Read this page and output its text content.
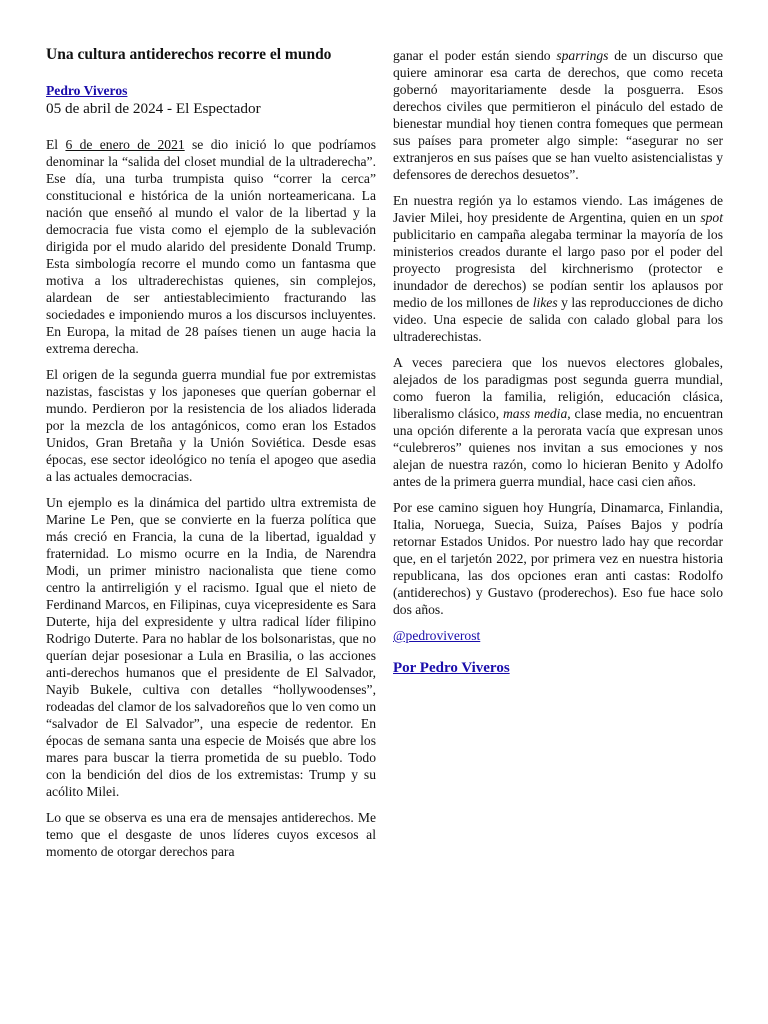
Una cultura antiderechos recorre el mundo
Pedro Viveros
05 de abril de 2024 - El Espectador

El 6 de enero de 2021 se dio inició lo que podríamos denominar la “salida del closet mundial de la ultraderecha”. Ese día, una turba trumpista quiso “correr la cerca” constitucional e histórica de la unión norteamericana. La nación que enseñó al mundo el valor de la libertad y la democracia fue vista como el ejemplo de la sublevación dirigida por el mudo alarido del presidente Donald Trump. Esta simbología recorre el mundo como un fantasma que motiva a los ultraderechistas quienes, sin complejos, alardean de ser antiestablecimiento fracturando las sociedades e imponiendo muros a los discursos incluyentes. En Europa, la mitad de 28 países tienen un auge hacia la extrema derecha.

El origen de la segunda guerra mundial fue por extremistas nazistas, fascistas y los japoneses que querían gobernar el mundo. Perdieron por la resistencia de los aliados liderada por la mezcla de los antagónicos, como eran los Estados Unidos, Gran Bretaña y la Unión Soviética. Desde esas épocas, ese sector ideológico no tenía el apogeo que asedia a las actuales democracias.

Un ejemplo es la dinámica del partido ultra extremista de Marine Le Pen, que se convierte en la fuerza política que más creció en Francia, la cuna de la libertad, igualdad y fraternidad. Lo mismo ocurre en la India, de Narendra Modi, un primer ministro nacionalista que tiene como centro la antirreligión y el racismo. Igual que el nieto de Ferdinand Marcos, en Filipinas, cuya vicepresidente es Sara Duterte, hija del expresidente y ultra radical líder filipino Rodrigo Duterte. Para no hablar de los bolsonaristas, que no querían dejar posesionar a Lula en Brasilia, o las acciones anti-derechos humanos que el presidente de El Salvador, Nayib Bukele, cultiva con detalles “hollywoodenses”, rodeadas del clamor de los salvadoreños que lo ven como un “salvador de El Salvador”, una especie de redentor. En épocas de semana santa una especie de Moisés que abre los mares para buscar la tierra prometida de su pueblo. Todo con la bendición del dios de los extremistas: Trump y su acólito Milei.

Lo que se observa es una era de mensajes antiderechos. Me temo que el desgaste de unos líderes cuyos excesos al momento de otorgar derechos para

ganar el poder están siendo sparrings de un discurso que quiere aminorar esa carta de derechos, que como receta gobernó mayoritariamente desde la posguerra. Esos derechos civiles que permitieron el pináculo del estado de bienestar mundial hoy tienen contra fomeques que permean sus países para prometer algo simple: “asegurar no ser extranjeros en sus países que se han vuelto asistencialistas y defensores de derechos desuetos”.

En nuestra región ya lo estamos viendo. Las imágenes de Javier Milei, hoy presidente de Argentina, quien en un spot publicitario en campaña alegaba terminar la mayoría de los ministerios creados durante el largo paso por el poder del proyecto progresista del kirchnerismo (protector e inundador de derechos) se podían sentir los aplausos por medio de los millones de likes y las reproducciones de dicho video. Una especie de salida con calado global para los ultraderechistas.

A veces pareciera que los nuevos electores globales, alejados de los paradigmas post segunda guerra mundial, como fueron la familia, religión, educación clásica, liberalismo clásico, mass media, clase media, no encuentran una opción diferente a la perorata vacía que expresan unos “culebreros” quienes nos invitan a sus emociones y nos alejan de nuestra razón, como lo hicieran Benito y Adolfo antes de la primera guerra mundial, hace casi cien años.

Por ese camino siguen hoy Hungría, Dinamarca, Finlandia, Italia, Noruega, Suecia, Suiza, Países Bajos y podría retornar Estados Unidos. Por nuestro lado hay que recordar que, en el tarjetón 2022, por primera vez en nuestra historia republicana, las dos opciones eran anti castas: Rodolfo (antiderechos) y Gustavo (proderechos). Eso fue hace solo dos años.

@pedroviverost
Por Pedro Viveros
